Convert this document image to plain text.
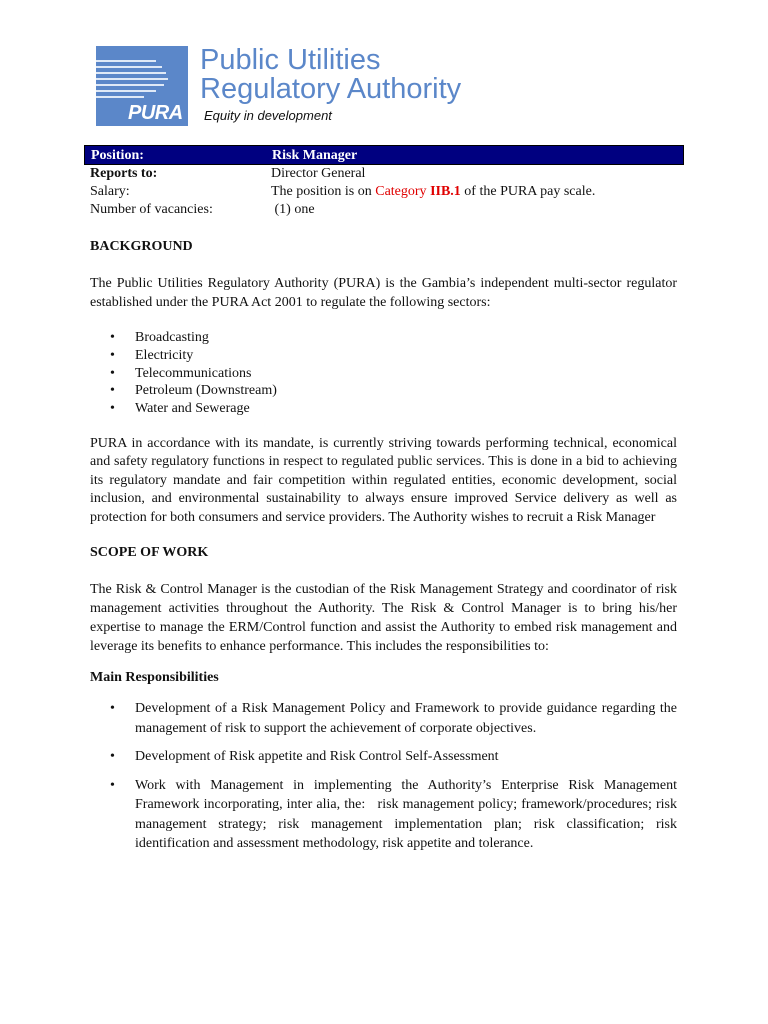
PURA
Public Utilities
Regulatory Authority
Equity in development
Position:	Risk Manager
Reports to:	Director General
Salary:	The position is on Category IIB.1 of the PURA pay scale.
Number of vacancies:	(1) one
BACKGROUND

The Public Utilities Regulatory Authority (PURA) is the Gambia’s independent multi-sector regulator established under the PURA Act 2001 to regulate the following sectors:

• Broadcasting
• Electricity
• Telecommunications
• Petroleum (Downstream)
• Water and Sewerage

PURA in accordance with its mandate, is currently striving towards performing technical, economical and safety regulatory functions in respect to regulated public services. This is done in a bid to achieving its regulatory mandate and fair competition within regulated entities, economic development, social inclusion, and environmental sustainability to always ensure improved Service delivery as well as protection for both consumers and service providers. The Authority wishes to recruit a Risk Manager

SCOPE OF WORK

The Risk & Control Manager is the custodian of the Risk Management Strategy and coordinator of risk management activities throughout the Authority. The Risk & Control Manager is to bring his/her expertise to manage the ERM/Control function and assist the Authority to embed risk management and leverage its benefits to enhance performance. This includes the responsibilities to:

Main Responsibilities
• Development of a Risk Management Policy and Framework to provide guidance regarding the management of risk to support the achievement of corporate objectives.
• Development of Risk appetite and Risk Control Self-Assessment
• Work with Management in implementing the Authority’s Enterprise Risk Management Framework incorporating, inter alia, the:   risk management policy; framework/procedures; risk management strategy; risk management implementation plan; risk classification; risk identification and assessment methodology, risk appetite and tolerance.
